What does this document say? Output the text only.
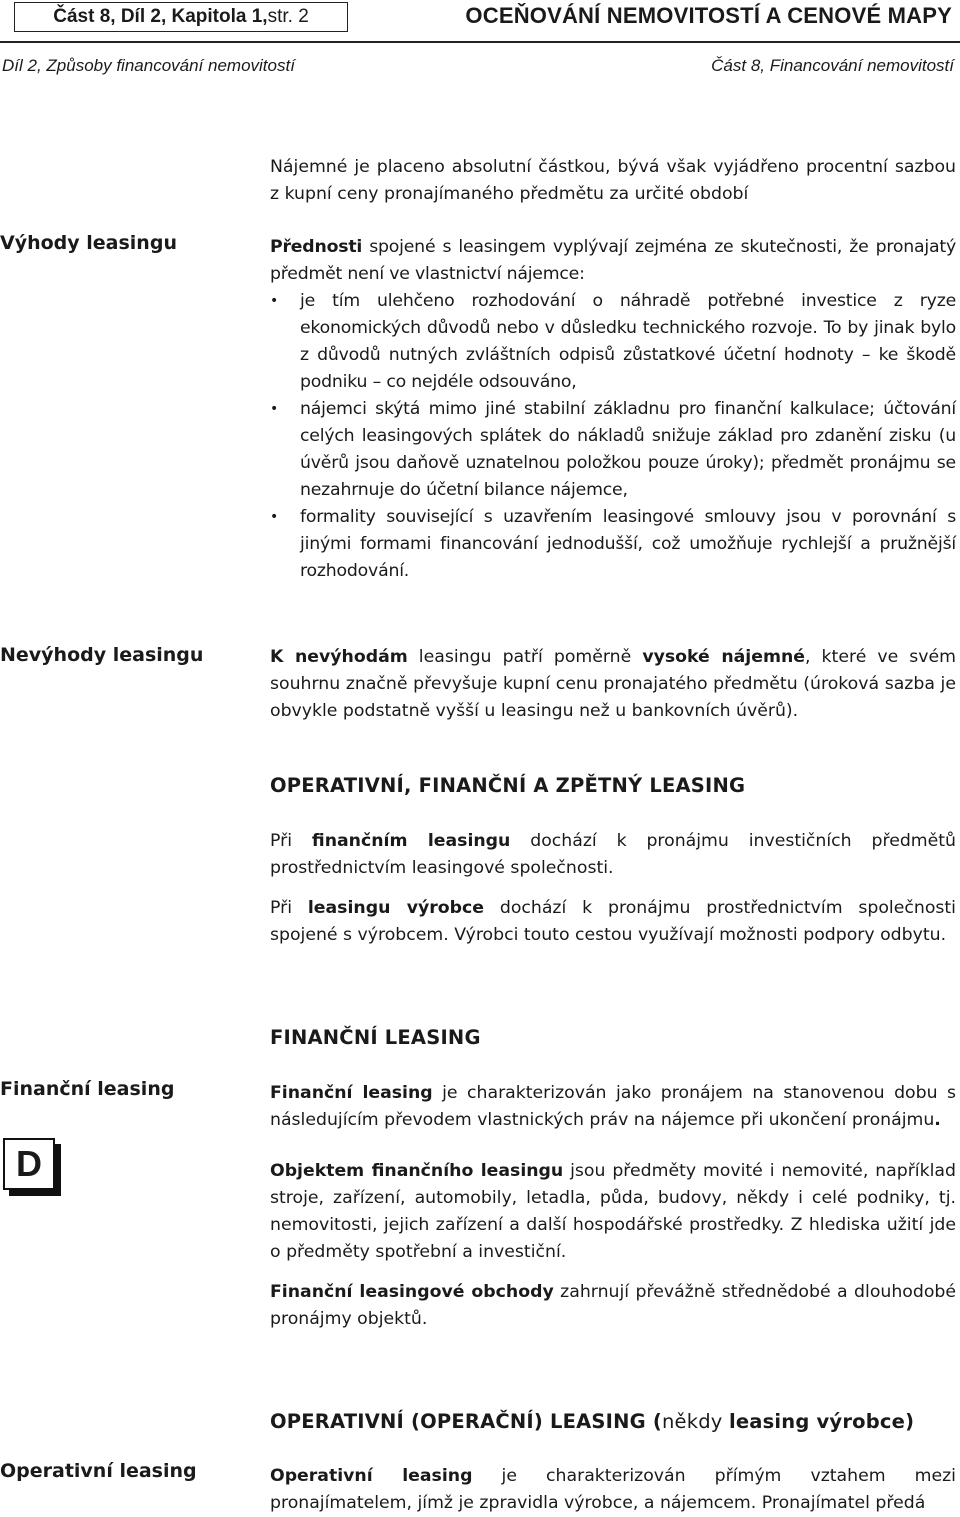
Část 8, Díl 2, Kapitola 1, str. 2	OCEŇOVÁNÍ NEMOVITOSTÍ A CENOVÉ MAPY
Díl 2, Způsoby financování nemovitostí	Část 8, Financování nemovitostí

Nájemné je placeno absolutní částkou, bývá však vyjádřeno procentní sazbou z kupní ceny pronajímaného předmětu za určité období

Výhody leasingu	Přednosti spojené s leasingem vyplývají zejména ze skutečnosti, že pronajatý předmět není ve vlastnictví nájemce:

• je tím ulehčeno rozhodování o náhradě potřebné investice z ryze ekonomických důvodů nebo v důsledku technického rozvoje. To by jinak bylo z důvodů nutných zvláštních odpisů zůstatkové účetní hodnoty – ke škodě podniku – co nejdéle odsouváno,
• nájemci skýtá mimo jiné stabilní základnu pro finanční kalkulace; účtování celých leasingových splátek do nákladů snižuje základ pro zdanění zisku (u úvěrů jsou daňově uznatelnou položkou pouze úroky); předmět pronájmu se nezahrnuje do účetní bilance nájemce,
• formality související s uzavřením leasingové smlouvy jsou v porovnání s jinými formami financování jednodušší, což umožňuje rychlejší a pružnější rozhodování.
Nevýhody leasingu	K nevýhodám leasingu patří poměrně vysoké nájemné, které ve svém souhrnu značně převyšuje kupní cenu pronajatého předmětu (úroková sazba je obvykle podstatně vyšší u leasingu než u bankovních úvěrů).

OPERATIVNÍ, FINANČNÍ A ZPĚTNÝ LEASING

Při finančním leasingu dochází k pronájmu investičních předmětů prostřednictvím leasingové společnosti.

Při leasingu výrobce dochází k pronájmu prostřednictvím společnosti spojené s výrobcem. Výrobci touto cestou využívají možnosti podpory odbytu.

FINANČNÍ LEASING
Finanční leasing
D

Finanční leasing je charakterizován jako pronájem na stanovenou dobu s následujícím převodem vlastnických práv na nájemce při ukončení pronájmu.

Objektem finančního leasingu jsou předměty movité i nemovité, například stroje, zařízení, automobily, letadla, půda, budovy, někdy i celé podniky, tj. nemovitosti, jejich zařízení a další hospodářské prostředky. Z hlediska užití jde o předměty spotřební a investiční.

Finanční leasingové obchody zahrnují převážně střednědobé a dlouhodobé pronájmy objektů.

OPERATIVNÍ (OPERAČNÍ) LEASING (někdy leasing výrobce)
Operativní leasing	Operativní leasing je charakterizován přímým vztahem mezi pronajímatelem, jímž je zpravidla výrobce, a nájemcem. Pronajímatel předá
